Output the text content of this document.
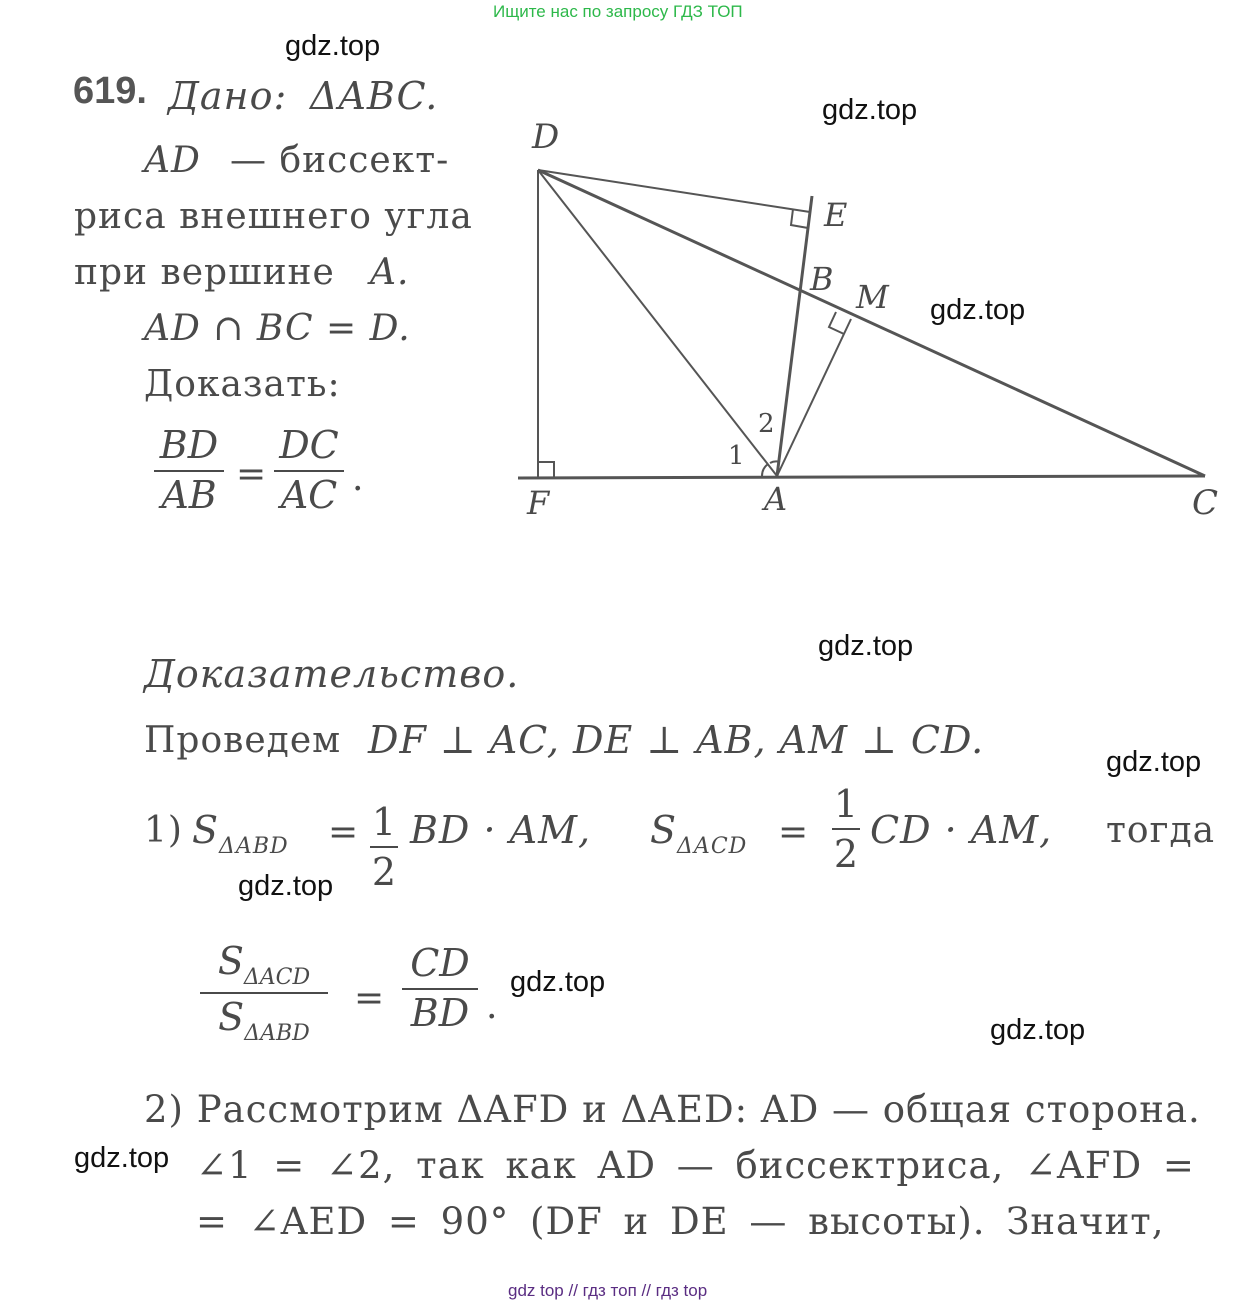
Ищите нас по запросу ГДЗ ТОП
gdz top // гдз топ // гдз top
gdz.top
gdz.top
gdz.top
gdz.top
gdz.top
gdz.top
gdz.top
gdz.top
gdz.top
619. Дано: ΔABC.
AD — биссект-
риса внешнего угла
при вершине A.
AD ∩ BC = D.
Доказать:
BD
AB =
DC
AC .
D
E
B M
F	A	C
1
2
Доказательство.
Проведем DF ⊥ AC, DE ⊥ AB, AM ⊥ CD.
1) $S_{\Delta ABD} = 1$
2
BD · AM, $S_{\Delta ACD}$ =
1
2
CD · AM, тогда
$S_{\Delta ACD}$
$S_{\Delta ABD}$
=
CD
BD .
2) Рассмотрим ΔAFD и ΔAED: AD — общая сторона.
∠1 = ∠2, так как AD — биссектриса, ∠AFD =
= ∠AED = 90° (DF и DE — высоты). Значит,
